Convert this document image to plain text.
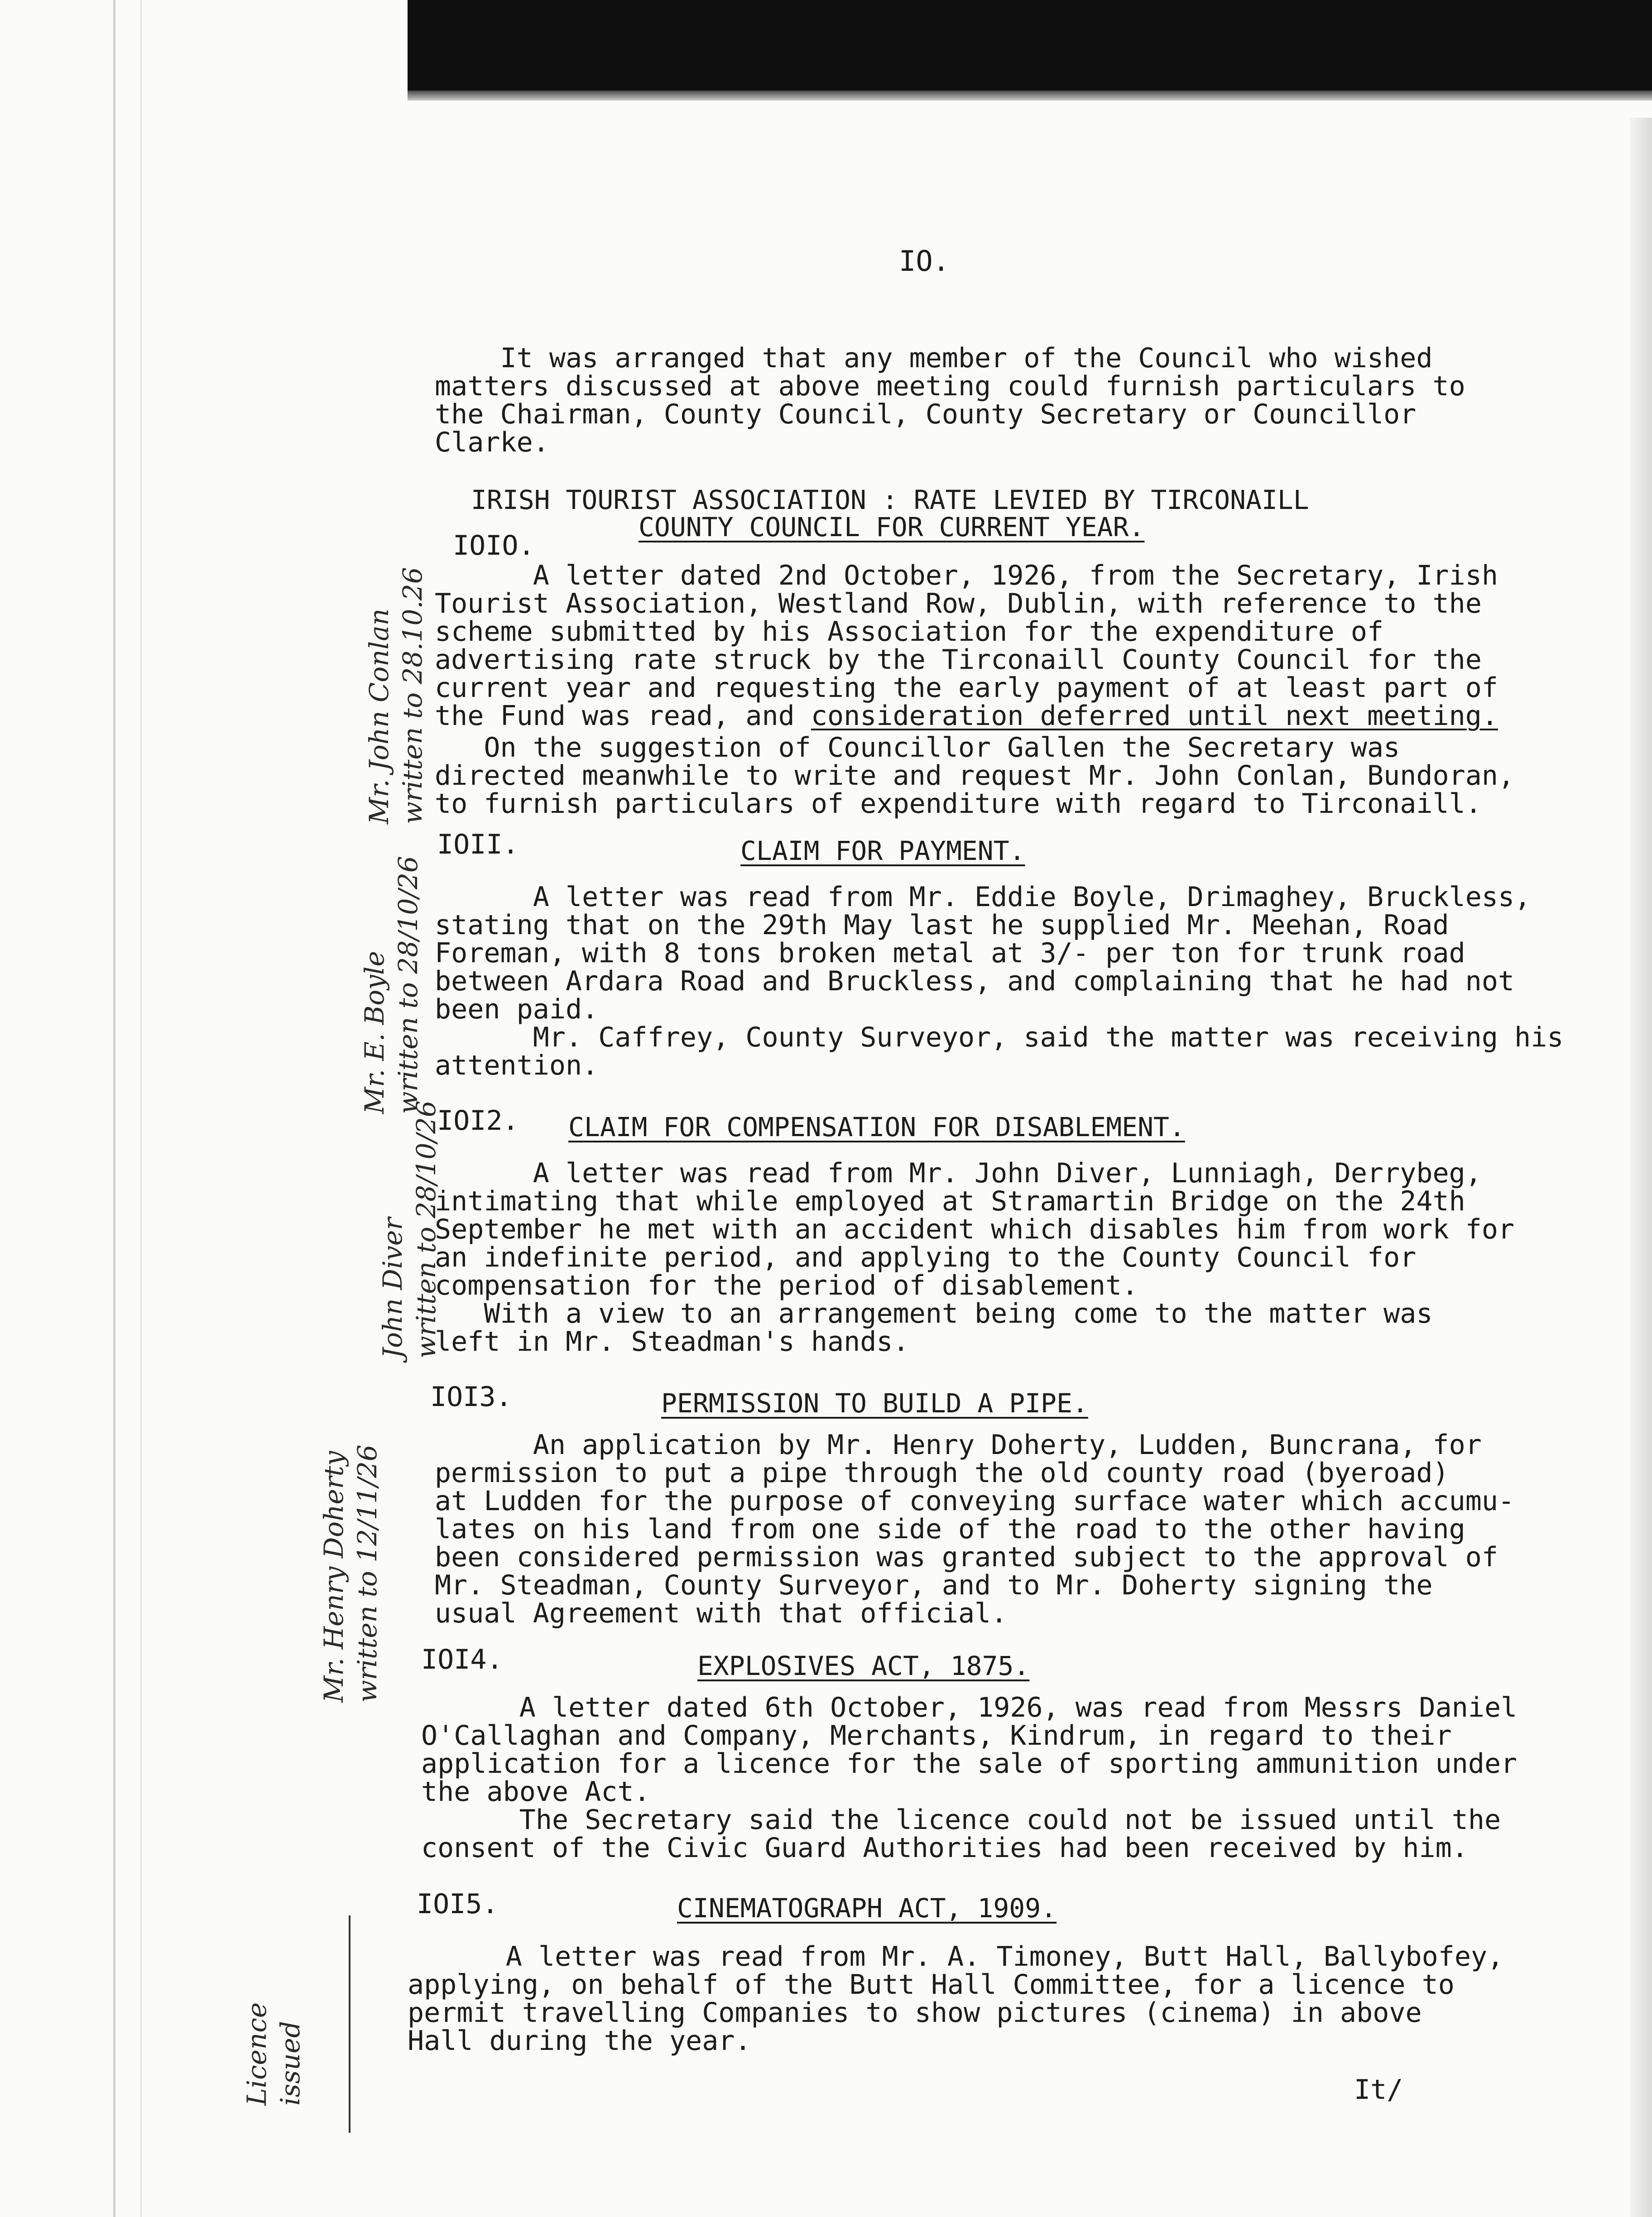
IO.
It was arranged that any member of the Council who wished
matters discussed at above meeting could furnish particulars to
the Chairman, County Council, County Secretary or Councillor
Clarke.
IRISH TOURIST ASSOCIATION : RATE LEVIED BY TIRCONAILL
COUNTY COUNCIL FOR CURRENT YEAR.
IOIO.
A letter dated 2nd October, 1926, from the Secretary, Irish
Tourist Association, Westland Row, Dublin, with reference to the
scheme submitted by his Association for the expenditure of
advertising rate struck by the Tirconaill County Council for the
current year and requesting the early payment of at least part of
the Fund was read, and consideration deferred until next meeting.
On the suggestion of Councillor Gallen the Secretary was
directed meanwhile to write and request Mr. John Conlan, Bundoran,
to furnish particulars of expenditure with regard to Tirconaill.
Mr. John Conlan
written to 28.10.26
IOII.	CLAIM FOR PAYMENT.
A letter was read from Mr. Eddie Boyle, Drimaghey, Bruckless,
stating that on the 29th May last he supplied Mr. Meehan, Road
Foreman, with 8 tons broken metal at 3/- per ton for trunk road
between Ardara Road and Bruckless, and complaining that he had not
been paid.
Mr. Caffrey, County Surveyor, said the matter was receiving his
attention.
Mr. E. Boyle
written to 28/10/26
IOI2. CLAIM FOR COMPENSATION FOR DISABLEMENT.
A letter was read from Mr. John Diver, Lunniagh, Derrybeg,
intimating that while employed at Stramartin Bridge on the 24th
September he met with an accident which disables him from work for
an indefinite period, and applying to the County Council for
compensation for the period of disablement.
With a view to an arrangement being come to the matter was
left in Mr. Steadman's hands.
John Diver
written to 28/10/26
IOI3.	PERMISSION TO BUILD A PIPE.
An application by Mr. Henry Doherty, Ludden, Buncrana, for
permission to put a pipe through the old county road (byeroad)
at Ludden for the purpose of conveying surface water which accumu-
lates on his land from one side of the road to the other having
been considered permission was granted subject to the approval of
Mr. Steadman, County Surveyor, and to Mr. Doherty signing the
usual Agreement with that official.
Mr. Henry Doherty
written to 12/11/26
IOI4.	EXPLOSIVES ACT, 1875.
A letter dated 6th October, 1926, was read from Messrs Daniel
O'Callaghan and Company, Merchants, Kindrum, in regard to their
application for a licence for the sale of sporting ammunition under
the above Act.
The Secretary said the licence could not be issued until the
consent of the Civic Guard Authorities had been received by him.
IOI5.	CINEMATOGRAPH ACT, 1909.
A letter was read from Mr. A. Timoney, Butt Hall, Ballybofey,
applying, on behalf of the Butt Hall Committee, for a licence to
permit travelling Companies to show pictures (cinema) in above
Hall during the year.
Licence
issued	It/
